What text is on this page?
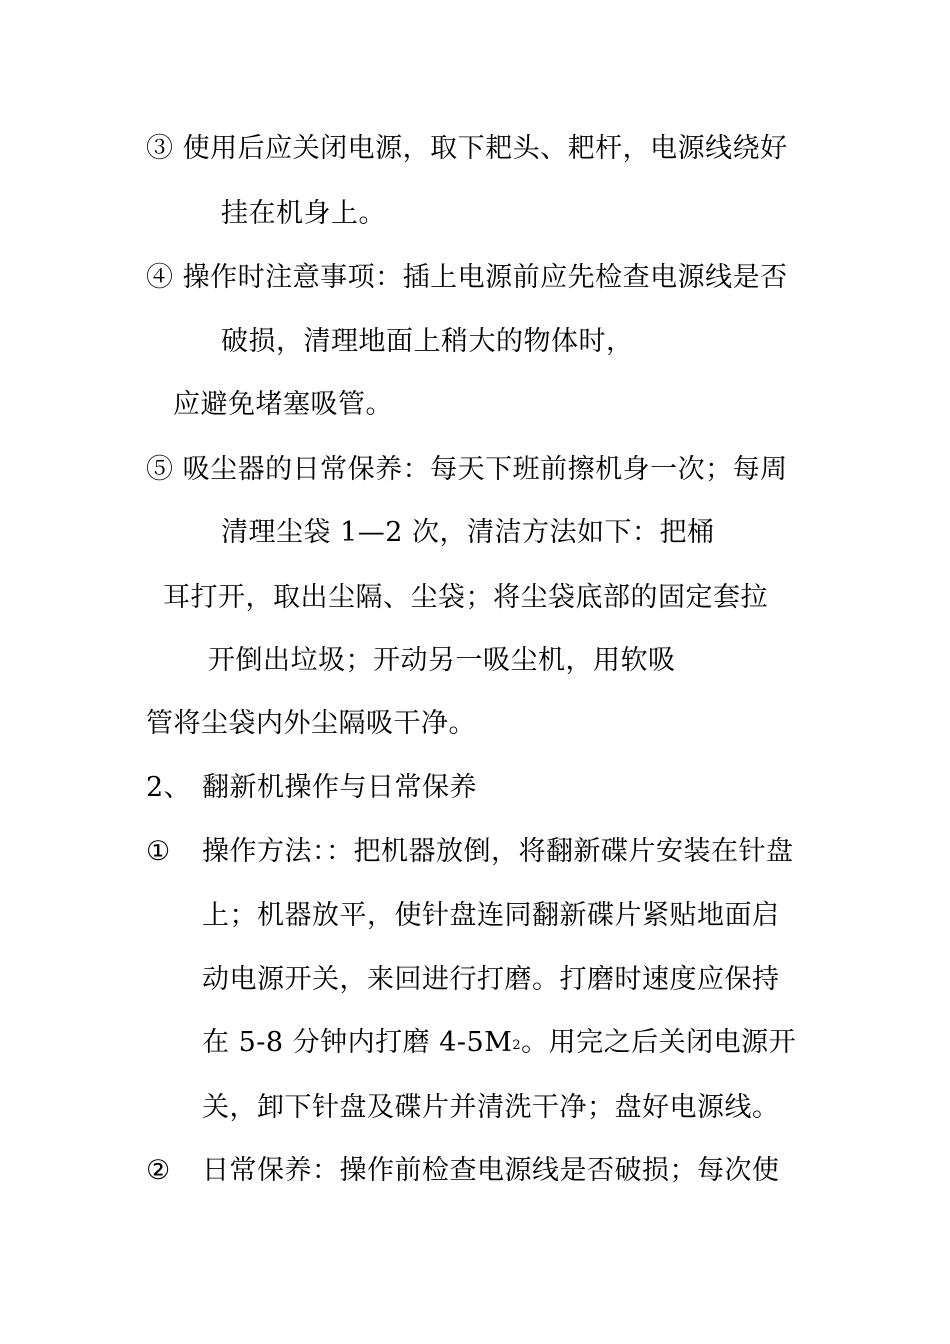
③ 使用后应关闭电源，取下耙头、耙杆，电源线绕好
挂在机身上。
④ 操作时注意事项：插上电源前应先检查电源线是否
破损，清理地面上稍大的物体时，
应避免堵塞吸管。
⑤ 吸尘器的日常保养：每天下班前擦机身一次；每周
清理尘袋 1—2 次，清洁方法如下：把桶
耳打开，取出尘隔、尘袋；将尘袋底部的固定套拉
开倒出垃圾；开动另一吸尘机，用软吸
管将尘袋内外尘隔吸干净。
2、 翻新机操作与日常保养
① 操作方法：：把机器放倒，将翻新碟片安装在针盘
上；机器放平，使针盘连同翻新碟片紧贴地面启
动电源开关，来回进行打磨。打磨时速度应保持
在 5-8 分钟内打磨 $4-5M_2$。用完之后关闭电源开
关，卸下针盘及碟片并清洗干净；盘好电源线。
② 日常保养：操作前检查电源线是否破损；每次使
